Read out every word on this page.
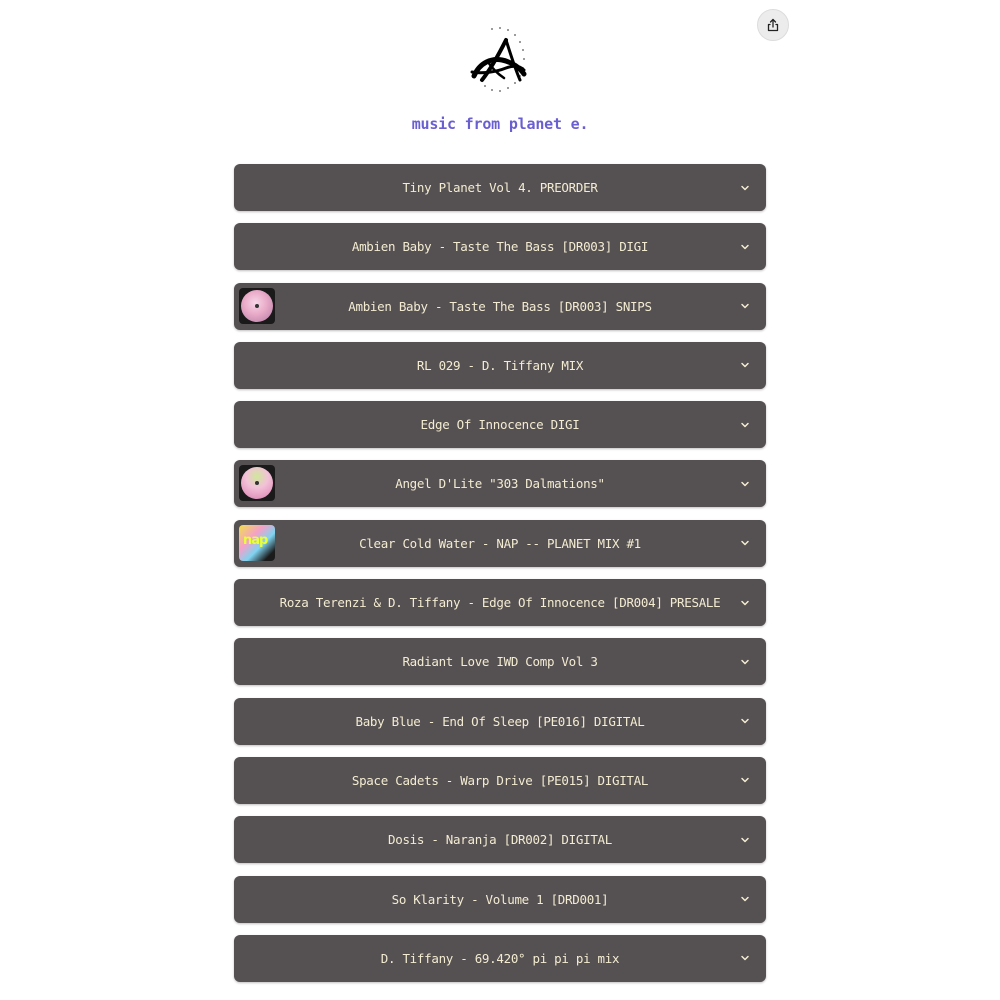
music from planet e.
Tiny Planet Vol 4. PREORDER
Ambien Baby - Taste The Bass [DR003] DIGI
Ambien Baby - Taste The Bass [DR003] SNIPS
RL 029 - D. Tiffany MIX
Edge Of Innocence DIGI
Angel D'Lite "303 Dalmations"
nap	Clear Cold Water - NAP -- PLANET MIX #1
Roza Terenzi & D. Tiffany - Edge Of Innocence [DR004] PRESALE
Radiant Love IWD Comp Vol 3
Baby Blue - End Of Sleep [PE016] DIGITAL
Space Cadets - Warp Drive [PE015] DIGITAL
Dosis - Naranja [DR002] DIGITAL
So Klarity - Volume 1 [DRD001]
D. Tiffany - 69.420° pi pi pi mix
